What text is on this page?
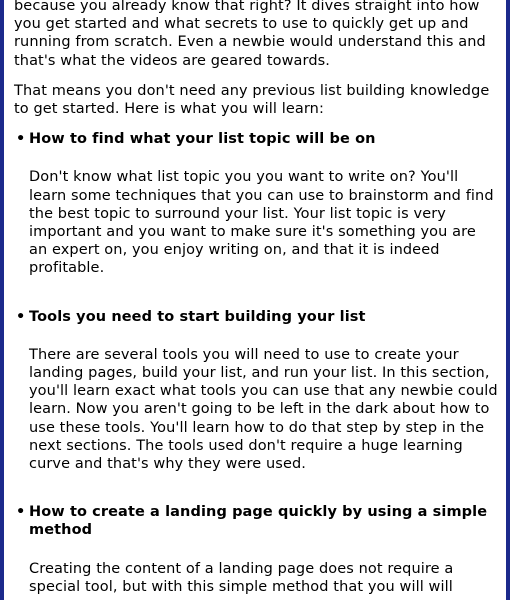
because you already know that right? It dives straight into how you get started and what secrets to use to quickly get up and running from scratch. Even a newbie would understand this and that's what the videos are geared towards.

That means you don't need any previous list building knowledge to get started. Here is what you will learn:

• How to find what your list topic will be on

Don't know what list topic you you want to write on? You'll learn some techniques that you can use to brainstorm and find the best topic to surround your list. Your list topic is very important and you want to make sure it's something you are an expert on, you enjoy writing on, and that it is indeed profitable.

• Tools you need to start building your list

There are several tools you will need to use to create your landing pages, build your list, and run your list. In this section, you'll learn exact what tools you can use that any newbie could learn. Now you aren't going to be left in the dark about how to use these tools. You'll learn how to do that step by step in the next sections. The tools used don't require a huge learning curve and that's why they were used.

• How to create a landing page quickly by using a simple method

Creating the content of a landing page does not require a special tool, but with this simple method that you will will
